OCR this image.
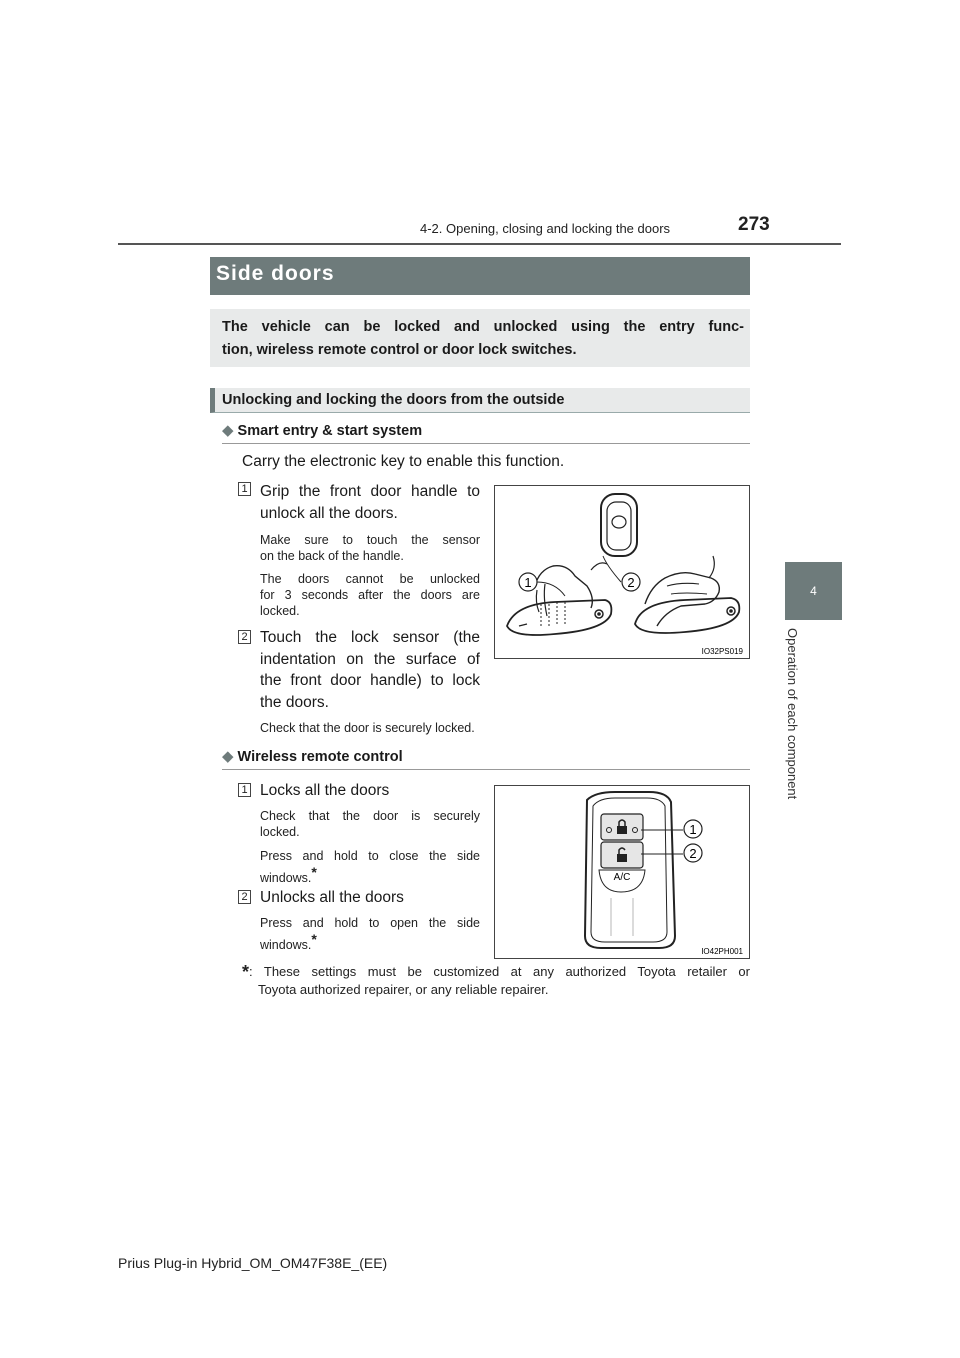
4-2. Opening, closing and locking the doors	273
4
Operation of each component
Side doors
The vehicle can be locked and unlocked using the entry func-
tion, wireless remote control or door lock switches.
Unlocking and locking the doors from the outside
◆ Smart entry & start system
Carry the electronic key to enable this function.
1 Grip the front door handle to
unlock all the doors.
Make sure to touch the sensor
on the back of the handle.
The doors cannot be unlocked
for 3 seconds after the doors are
locked.
2 Touch the lock sensor (the
indentation on the surface of
the front door handle) to lock
the doors.
Check that the door is securely locked.
1	2
IO32PS019
◆ Wireless remote control
1 Locks all the doors
Check that the door is securely
locked.
Press and hold to close the side
windows.*
2 Unlocks all the doors
Press and hold to open the side
windows.*
A/C
1
2
IO42PH001
*: These settings must be customized at any authorized Toyota retailer or
Toyota authorized repairer, or any reliable repairer.
Prius Plug-in Hybrid_OM_OM47F38E_(EE)
